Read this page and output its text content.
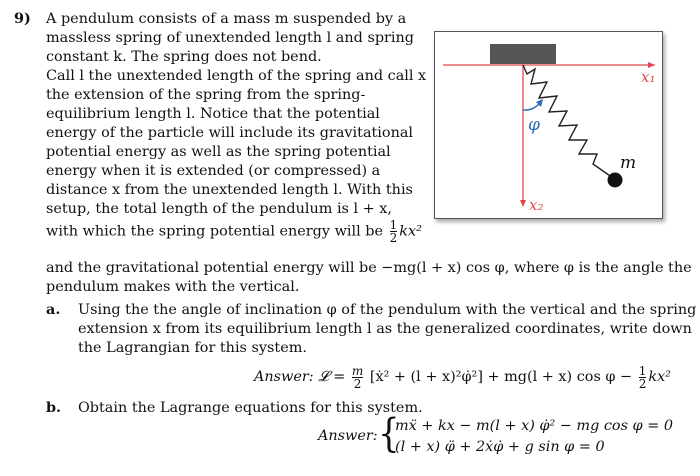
9) A pendulum consists of a mass m suspended by a
massless spring of unextended length l and spring
constant k. The spring does not bend.
Call l the unextended length of the spring and call x
the extension of the spring from the spring-
equilibrium length l. Notice that the potential
energy of the particle will include its gravitational
potential energy as well as the spring potential
energy when it is extended (or compressed) a
distance x from the unextended length l. With this
setup, the total length of the pendulum is l + x,
with which the spring potential energy will be $\frac{1}{2} kx^2$
and the gravitational potential energy will be −mg(l + x) cos φ, where φ is the angle the
pendulum makes with the vertical.
a. Using the the angle of inclination φ of the pendulum with the vertical and the spring
extension x from its equilibrium length l as the generalized coordinates, write down
the Lagrangian for this system.
Answer: 𝓛 = $\frac{m}{2}$ [ẋ² + (l + x)²φ̇²] + mg(l + x) $\cos \varphi - \frac{1}{2} kx^2$
b. Obtain the Lagrange equations for this system.
Answer: {
mẍ + kx − m(l + x) φ̇² − mg cos φ = 0
(l + x) φ̈ + 2ẋφ̇ + g sin φ = 0
x₁
x₂
φ
m
